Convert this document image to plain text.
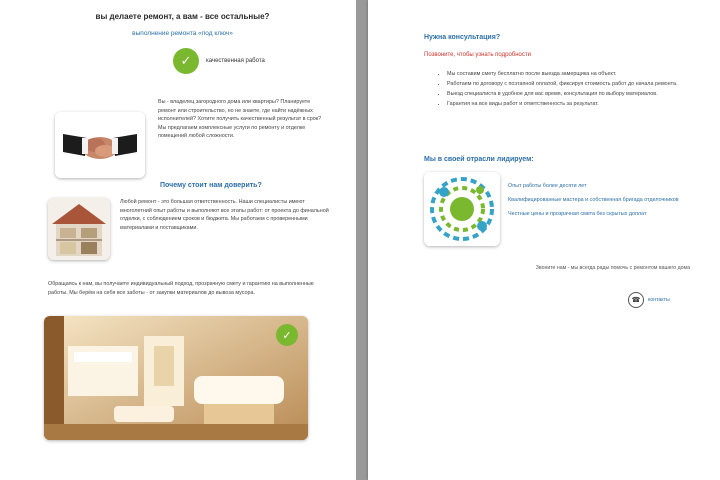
вы делаете ремонт, а вам - все остальные?
выполнение ремонта «под ключ»
✓	качественная работа
Вы - владелец загородного дома или квартиры? Планируете ремонт или строительство, но не знаете, где найти надёжных исполнителей? Хотите получить качественный результат в срок? Мы предлагаем комплексные услуги по ремонту и отделке помещений любой сложности.
Почему стоит нам доверить?
Любой ремонт - это большая ответственность. Наши специалисты имеют многолетний опыт работы и выполняют все этапы работ: от проекта до финальной отделки, с соблюдением сроков и бюджета. Мы работаем с проверенными материалами и поставщиками.
Обращаясь к нам, вы получаете индивидуальный подход, прозрачную смету и гарантию на выполненные работы. Мы берём на себя все заботы - от закупки материалов до вывоза мусора.
✓
Нужна консультация?
Позвоните, чтобы узнать подробности
Мы в своей отрасли лидируем:
• Мы составим смету бесплатно после выезда замерщика на объект.
• Работаем по договору с поэтапной оплатой, фиксируя стоимость работ до начала ремонта.
• Выезд специалиста в удобное для вас время, консультация по выбору материалов.
• Гарантия на все виды работ и ответственность за результат.
Опыт работы более десяти лет
Квалифицированные мастера и собственная бригада отделочников
Честные цены и прозрачная смета без скрытых доплат
Звоните нам - мы всегда рады помочь с ремонтом вашего дома
☎	контакты
